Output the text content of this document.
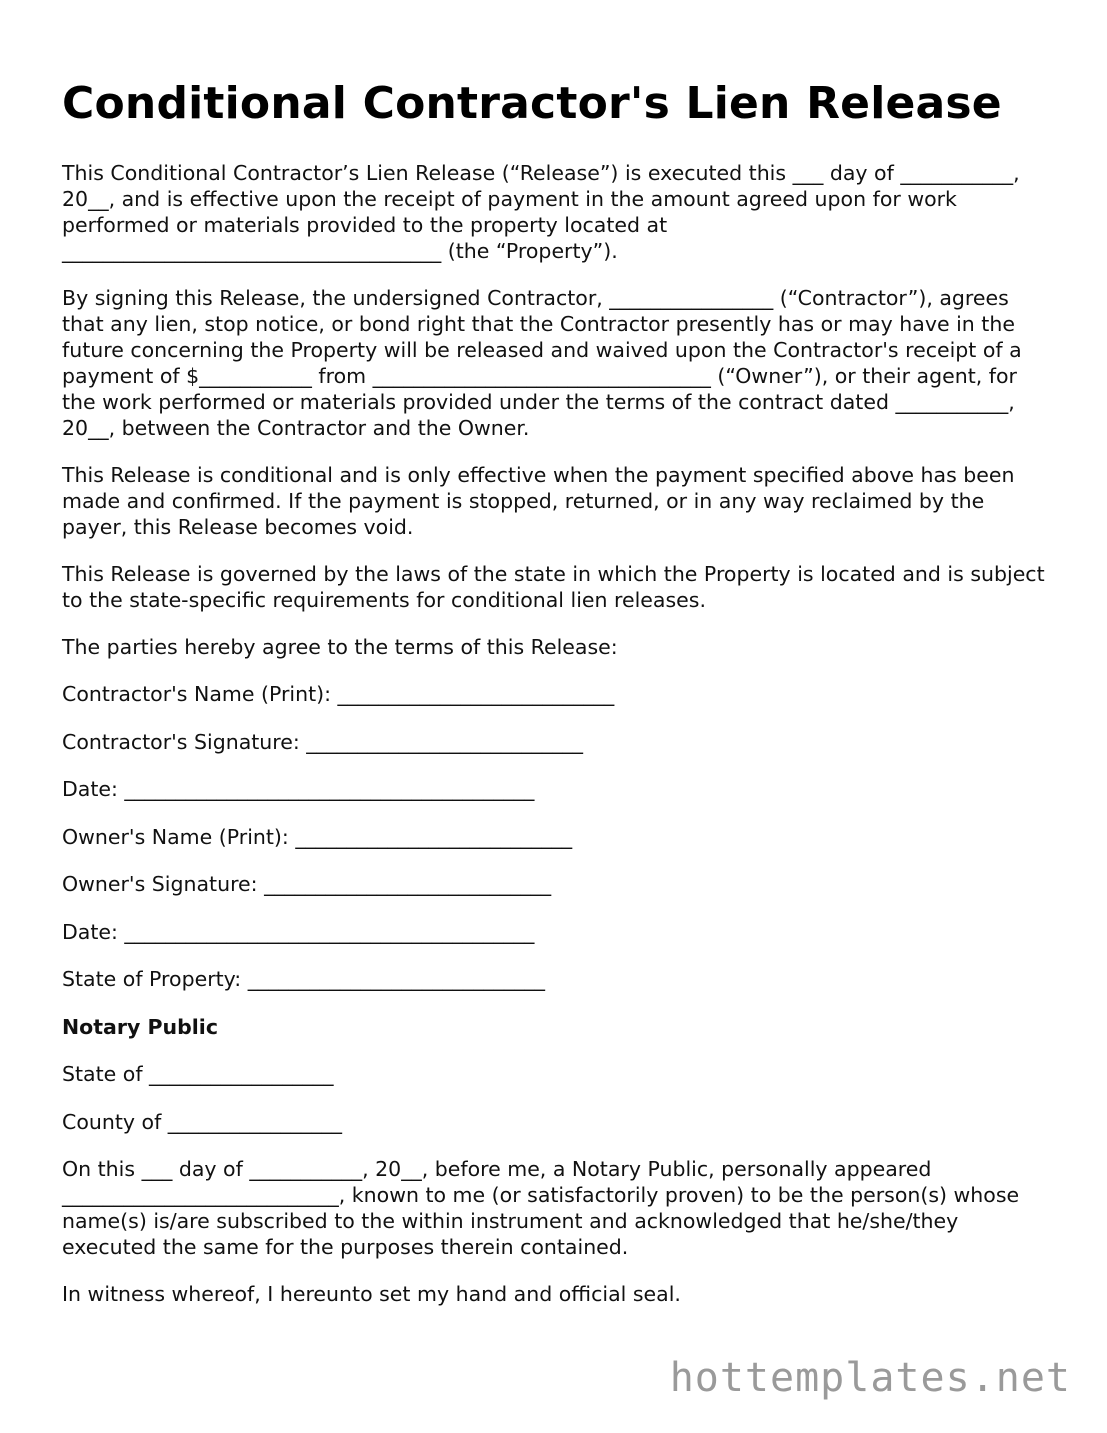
Conditional Contractor's Lien Release

This Conditional Contractor’s Lien Release (“Release”) is executed this ___ day of ___________, 20__, and is effective upon the receipt of payment in the amount agreed upon for work performed or materials provided to the property located at _____________________________________ (the “Property”).

By signing this Release, the undersigned Contractor, ________________ (“Contractor”), agrees that any lien, stop notice, or bond right that the Contractor presently has or may have in the future concerning the Property will be released and waived upon the Contractor's receipt of a payment of $___________ from _________________________________ (“Owner”), or their agent, for the work performed or materials provided under the terms of the contract dated ___________, 20__, between the Contractor and the Owner.

This Release is conditional and is only effective when the payment specified above has been made and confirmed. If the payment is stopped, returned, or in any way reclaimed by the payer, this Release becomes void.

This Release is governed by the laws of the state in which the Property is located and is subject to the state-specific requirements for conditional lien releases.

The parties hereby agree to the terms of this Release:

Contractor's Name (Print): ___________________________
Contractor's Signature: ___________________________
Date: ________________________________________
Owner's Name (Print): ___________________________
Owner's Signature: ____________________________
Date: ________________________________________
State of Property: _____________________________
Notary Public
State of __________________
County of _________________

On this ___ day of ___________, 20__, before me, a Notary Public, personally appeared ___________________________, known to me (or satisfactorily proven) to be the person(s) whose name(s) is/are subscribed to the within instrument and acknowledged that he/she/they executed the same for the purposes therein contained.

In witness whereof, I hereunto set my hand and official seal.

hottemplates.net
